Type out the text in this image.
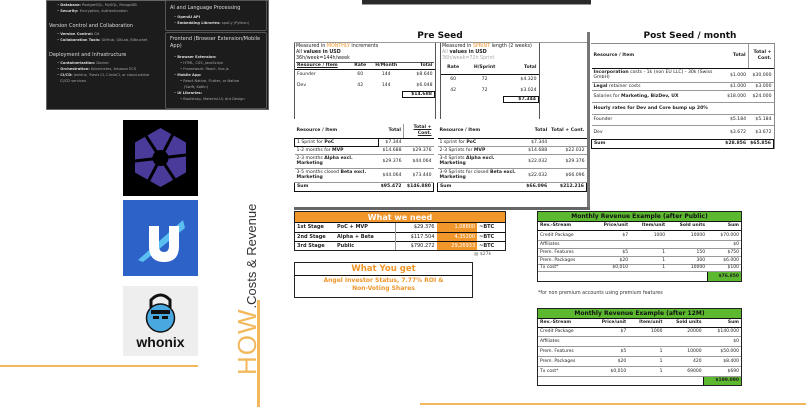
• Database: PostgreSQL, MySQL, MongoDB
• Security: Encryption, Authentication
Version Control and Collaboration
• Version Control: Git
• Collaboration Tools: GitHub, GitLab, Bitbucket
Deployment and Infrastructure
• Containerization: Docker
• Orchestration: Kubernetes, Amazon ECS
• CI/CD: Jenkins, Travis CI, CircleCI, or cloud-native
CI/CD services
AI and Language Processing
• OpenAI API
• Embedding Libraries: spaCy (Python)
Frontend (Browser Extension/Mobile App)
• Browser Extension:
• HTML, CSS, JavaScript
• Framework: React, Vue.js
• Mobile App:
• React Native, Flutter, or Native
(Swift, Kotlin)
• UI Libraries:
• Bootstrap, Material-UI, Ant Design
whonix	HOW.Costs & Revenue
Pre Seed
Measured in MONTHLY increments
All values in USD
36h/week=144h/week
Resource / Item	Rate	H/Month	Total
Founder	60	144	$8.640
Dev	42	144	$6.048
			$14.688
Measured in SPRINT length (2 weeks)
All values in USD
36h/week=72h Sprint
Rate	H/Sprint	Total
60	72	$4.320
42	72	$3.024
		$7.344
Resource / Item	Total	Total + Cont.
1 Sprint for PoC	$7.344	
1-2 months for MVP	$14.688	$29.376
2-3 months Alpha excl. Marketing	$29.376	$44.064
3-5 months closed Beta excl. Marketing	$44.064	$73.440
Sum	$95.472	$146.880
Resource / Item	Total	Total + Cont.
1 sprint for PoC	$7.344	
2-3 Sprints for MVP	$14.688	$22.032
3-4 Sprints Alpha excl. Marketing	$22.032	$29.376
3-9 Sprints for closed Beta excl. Marketing	$22.032	$66.096
Sum	$66.096	$212.216
What we need
1st Stage	PoC + MVP	$29.376	1,08800	~BTC
2nd Stage	Alpha + Beta	$117.504	4,35200	~BTC
3rd Stage	Public	$790.272	29,26933	~BTC
@ $27k
What You get
Angel Investor Status, 7.77% ROI & Non-Voting Shares
Post Seed / month
Resource / Item	Total	Total + Cont.
Incorporation costs - 1k (non EU LLC) - 30k (Swiss GmbH)	$1.000	$30.000
Legal retainer costs	$1.000	$3.000
Salaries for Marketing, BizDev, UX	$18.000	$24.000
Hourly rates for Dev and Core bump up 20%		
Founder	$5.184	$5.184
Dev	$3.672	$3.672
Sum	$28.856	$65.856
Monthly Revenue Example (after Public)
Rev.-Stream	Price/unit	Item/unit	Sold units	Sum
Credit Package	$7	1000	10000	$70.000
Affiliates				$0
Prem. Features	$5	1	150	$750
Prem. Packages	$20	1	300	$6.000
Tx cost*	$0,010	1	10000	$100
				$76.850
*for non premium accounts using premium features
Monthly Revenue Example (after 12M)
Rev.-Stream	Price/unit	Item/unit	Sold units	Sum
Credit Package	$7	1000	20000	$140.000
Affiliates				$0
Prem. Features	$5	1	10000	$50.000
Prem. Packages	$20	1	420	$8.400
Tx cost*	$0,010	1	69000	$690
				$199.090
